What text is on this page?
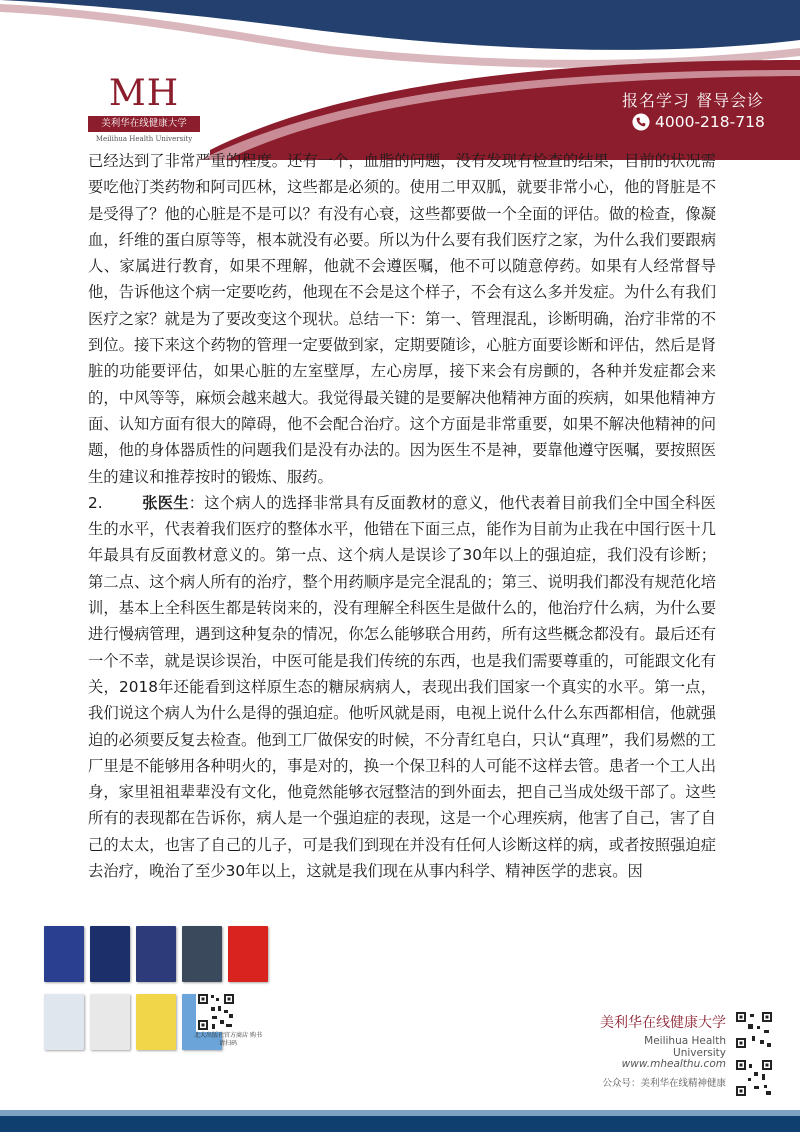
MH
美利华在线健康大学
Meilihua Health University
报名学习 督导会诊
4000-218-718

已经达到了非常严重的程度。还有一个，血脂的问题，没有发现有检查的结果，目前的状况需要吃他汀类药物和阿司匹林，这些都是必须的。使用二甲双胍，就要非常小心，他的肾脏是不是受得了？他的心脏是不是可以？有没有心衰，这些都要做一个全面的评估。做的检查，像凝血，纤维的蛋白原等等，根本就没有必要。所以为什么要有我们医疗之家，为什么我们要跟病人、家属进行教育，如果不理解，他就不会遵医嘱，他不可以随意停药。如果有人经常督导他，告诉他这个病一定要吃药，他现在不会是这个样子，不会有这么多并发症。为什么有我们医疗之家？就是为了要改变这个现状。总结一下：第一、管理混乱，诊断明确，治疗非常的不到位。接下来这个药物的管理一定要做到家，定期要随诊，心脏方面要诊断和评估，然后是肾脏的功能要评估，如果心脏的左室壁厚，左心房厚，接下来会有房颤的，各种并发症都会来的，中风等等，麻烦会越来越大。我觉得最关键的是要解决他精神方面的疾病，如果他精神方面、认知方面有很大的障碍，他不会配合治疗。这个方面是非常重要，如果不解决他精神的问题，他的身体器质性的问题我们是没有办法的。因为医生不是神，要靠他遵守医嘱，要按照医生的建议和推荐按时的锻炼、服药。

2.	张医生：这个病人的选择非常具有反面教材的意义，他代表着目前我们全中国全科医生的水平，代表着我们医疗的整体水平，他错在下面三点，能作为目前为止我在中国行医十几年最具有反面教材意义的。第一点、这个病人是误诊了30年以上的强迫症，我们没有诊断；第二点、这个病人所有的治疗，整个用药顺序是完全混乱的；第三、说明我们都没有规范化培训，基本上全科医生都是转岗来的，没有理解全科医生是做什么的，他治疗什么病，为什么要进行慢病管理，遇到这种复杂的情况，你怎么能够联合用药，所有这些概念都没有。最后还有一个不幸，就是误诊误治，中医可能是我们传统的东西，也是我们需要尊重的，可能跟文化有关，2018年还能看到这样原生态的糖尿病病人，表现出我们国家一个真实的水平。第一点，我们说这个病人为什么是得的强迫症。他听风就是雨，电视上说什么什么东西都相信，他就强迫的必须要反复去检查。他到工厂做保安的时候，不分青红皂白，只认“真理”，我们易燃的工厂里是不能够用各种明火的，事是对的，换一个保卫科的人可能不这样去管。患者一个工人出身，家里祖祖辈辈没有文化，他竟然能够衣冠整洁的到外面去，把自己当成处级干部了。这些所有的表现都在告诉你，病人是一个强迫症的表现，这是一个心理疾病，他害了自己，害了自己的太太，也害了自己的儿子，可是我们到现在并没有任何人诊断这样的病，或者按照强迫症去治疗，晚治了至少30年以上，这就是我们现在从事内科学、精神医学的悲哀。因

北大出版社官方商店 购书请扫码
美利华在线健康大学
Meilihua Health University
www.mhealthu.com
公众号：美利华在线精神健康
